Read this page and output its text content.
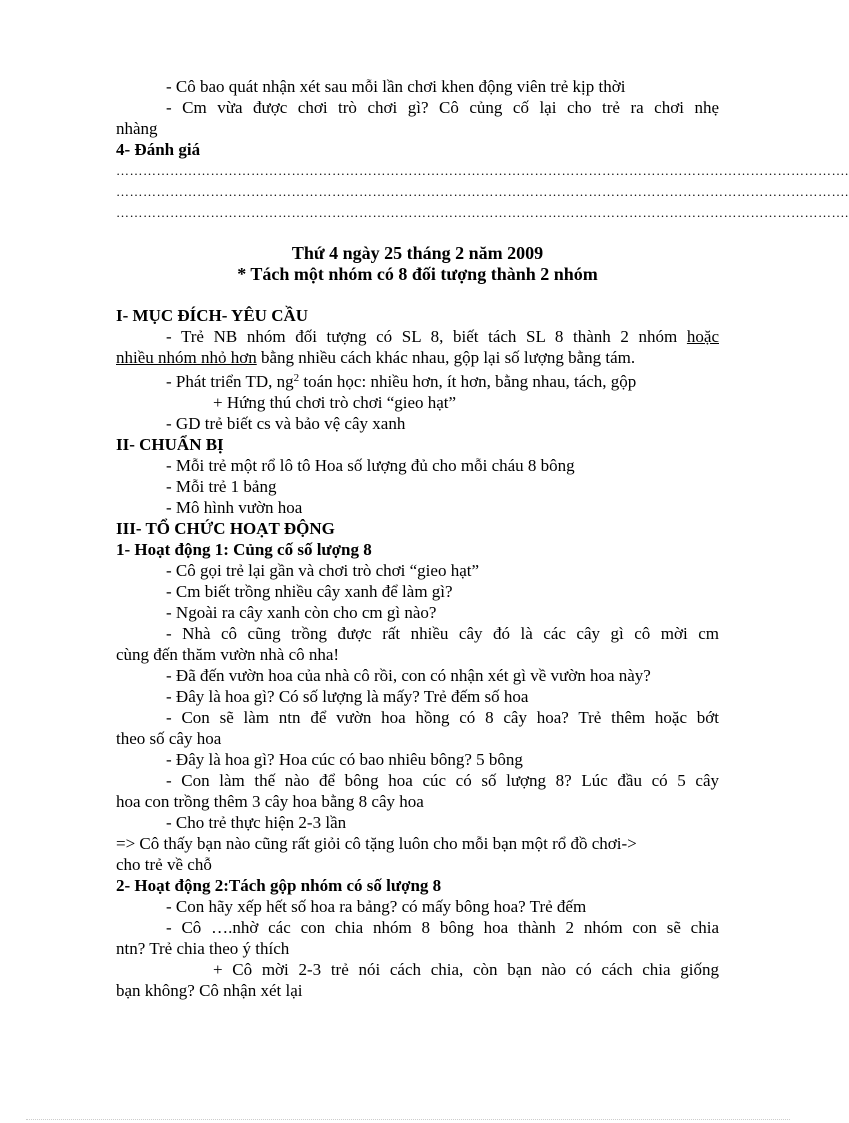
- Cô bao quát nhận xét sau mỗi lần chơi khen động viên trẻ kịp thời

- Cm vừa được chơi trò chơi gì? Cô củng cố lại cho trẻ ra chơi nhẹ

nhàng

4- Đánh giá

……………………………………………………………………………………………………………………………………………….

……………………………………………………………………………………………………………………………………………….

……………………………………………………………………………………………………………………………………………….

Thứ 4 ngày 25 tháng 2 năm 2009

* Tách một nhóm có 8 đối tượng thành 2 nhóm

I- MỤC ĐÍCH- YÊU CẦU

- Trẻ NB nhóm đối tượng có SL 8, biết tách SL 8 thành 2 nhóm hoặc

nhiều nhóm nhỏ hơn bằng nhiều cách khác nhau, gộp lại số lượng bằng tám.

- Phát triển TD, $ng^2$ toán học: nhiều hơn, ít hơn, bằng nhau, tách, gộp

+ Hứng thú chơi trò chơi “gieo hạt”

- GD trẻ biết cs và bảo vệ cây xanh

II- CHUẨN BỊ

- Mỗi trẻ một rổ lô tô Hoa số lượng đủ cho mỗi cháu 8 bông

- Mỗi trẻ 1 bảng

- Mô hình vườn hoa

III- TỔ CHỨC HOẠT ĐỘNG

1- Hoạt động 1: Củng cố số lượng 8

- Cô gọi trẻ lại gần và chơi trò chơi “gieo hạt”

- Cm biết trồng nhiều cây xanh để làm gì?

- Ngoài ra cây xanh còn cho cm gì nào?

- Nhà cô cũng trồng được rất nhiều cây đó là các cây gì cô mời cm

cùng đến thăm vườn nhà cô nha!

- Đã đến vườn hoa của nhà cô rồi, con có nhận xét gì về vườn hoa này?

- Đây là hoa gì? Có số lượng là mấy? Trẻ đếm số hoa

- Con sẽ làm ntn để vườn hoa hồng có 8 cây hoa? Trẻ thêm hoặc bớt

theo số cây hoa

- Đây là hoa gì? Hoa cúc có bao nhiêu bông? 5 bông

- Con làm thế nào để bông hoa cúc có số lượng 8? Lúc đầu có 5 cây

hoa con trồng thêm 3 cây hoa bằng 8 cây hoa

- Cho trẻ thực hiện 2-3 lần

=> Cô thấy bạn nào cũng rất giỏi cô tặng luôn cho mỗi bạn một rổ đồ chơi->

cho trẻ về chỗ

2- Hoạt động 2:Tách gộp nhóm có số lượng 8

- Con hãy xếp hết số hoa ra bảng? có mấy bông hoa? Trẻ đếm

- Cô ….nhờ các con chia nhóm 8 bông hoa thành 2 nhóm con sẽ chia

ntn? Trẻ chia theo ý thích

+ Cô mời 2-3 trẻ nói cách chia, còn bạn nào có cách chia giống

bạn không? Cô nhận xét lại
